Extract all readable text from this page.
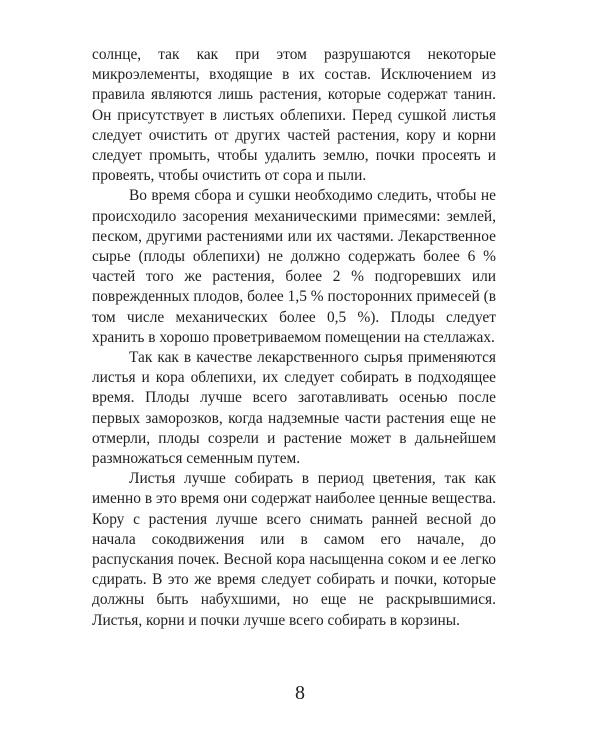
солнце, так как при этом разрушаются некоторые микроэлементы, входящие в их состав. Исключением из правила являются лишь растения, которые содержат танин. Он присутствует в листьях облепихи. Перед сушкой листья следует очистить от других частей растения, кору и корни следует промыть, чтобы удалить землю, почки просеять и провеять, чтобы очистить от сора и пыли.

Во время сбора и сушки необходимо следить, чтобы не происходило засорения механическими примесями: землей, песком, другими растениями или их частями. Лекарственное сырье (плоды облепихи) не должно содержать более 6 % частей того же растения, более 2 % подгоревших или поврежденных плодов, более 1,5 % посторонних примесей (в том числе механических более 0,5 %). Плоды следует хранить в хорошо проветриваемом помещении на стеллажах.

Так как в качестве лекарственного сырья применяются листья и кора облепихи, их следует собирать в подходящее время. Плоды лучше всего заготавливать осенью после первых заморозков, когда надземные части растения еще не отмерли, плоды созрели и растение может в дальнейшем размножаться семенным путем.

Листья лучше собирать в период цветения, так как именно в это время они содержат наиболее ценные вещества. Кору с растения лучше всего снимать ранней весной до начала сокодвижения или в самом его начале, до распускания почек. Весной кора насыщенна соком и ее легко сдирать. В это же время следует собирать и почки, которые должны быть набухшими, но еще не раскрывшимися. Листья, корни и почки лучше всего собирать в корзины.

8
